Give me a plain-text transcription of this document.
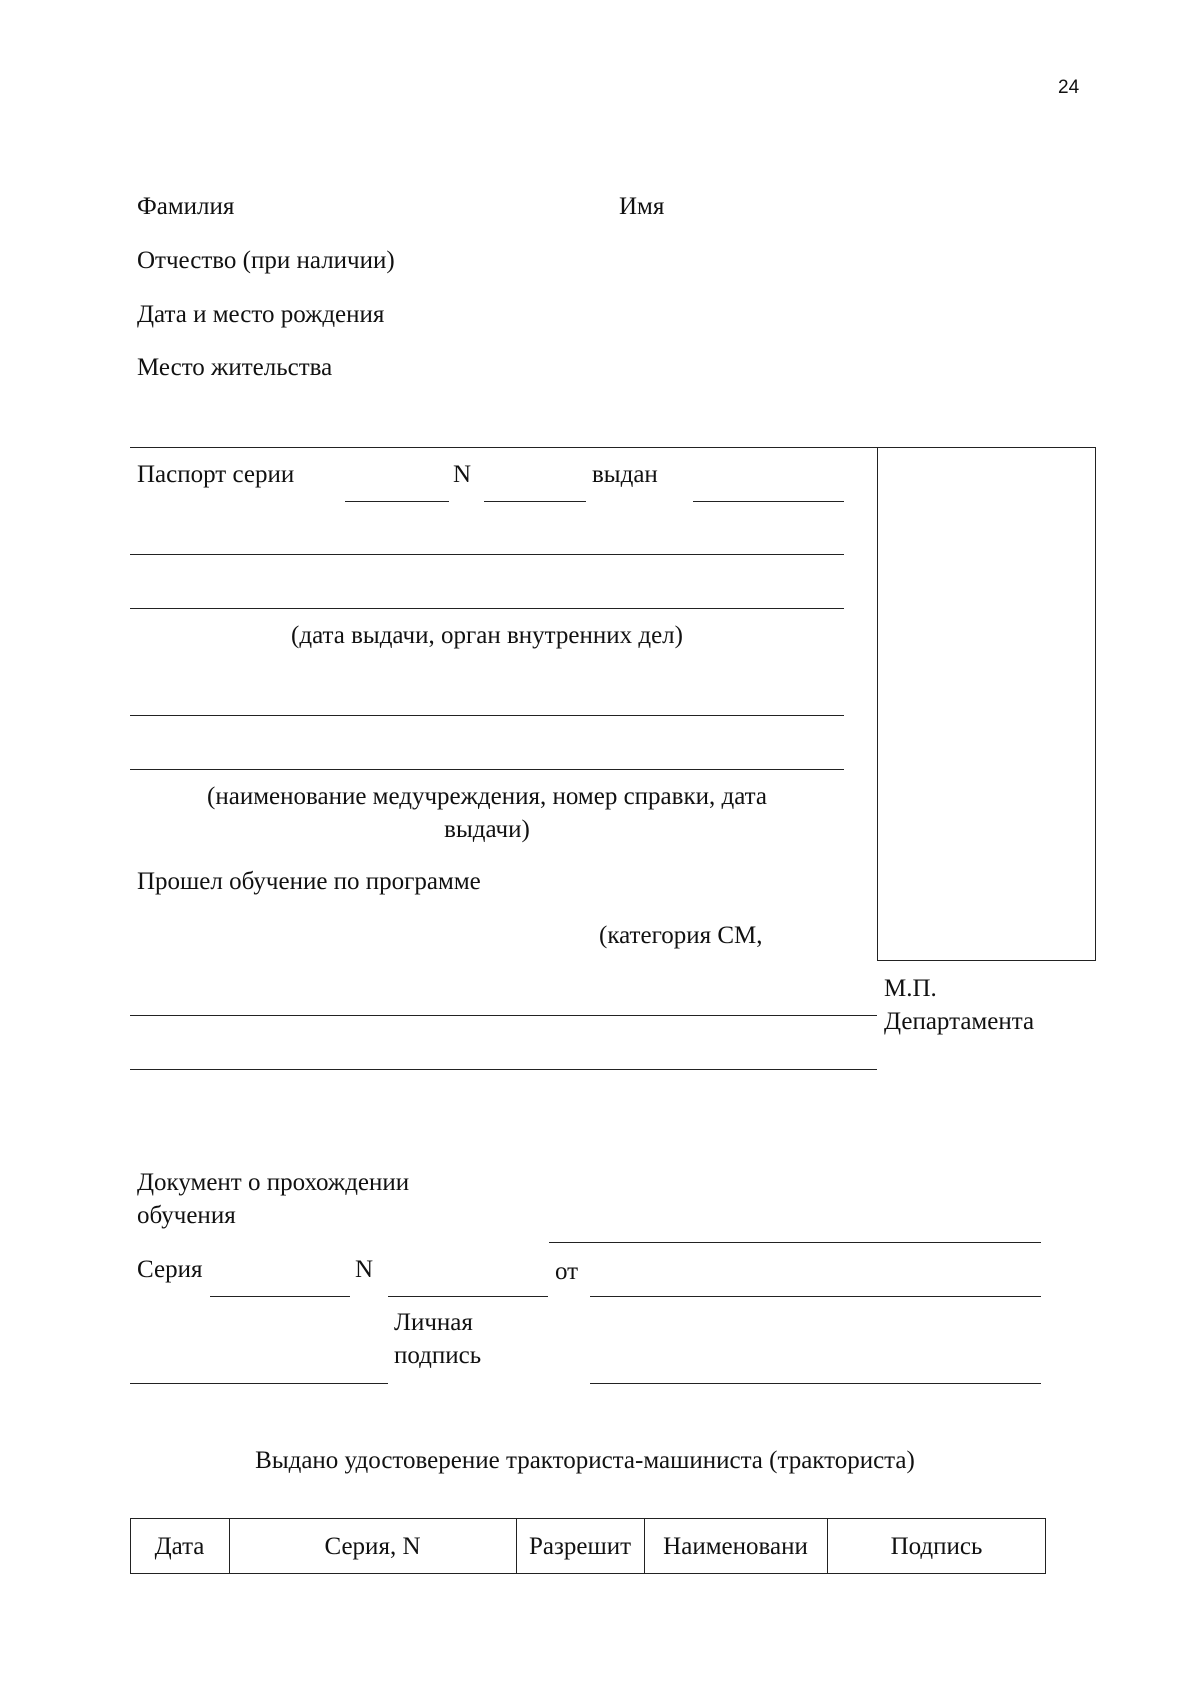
24
Фамилия	Имя
Отчество (при наличии)
Дата и место рождения
Место жительства
Паспорт серии	N	выдан
(дата выдачи, орган внутренних дел)
(наименование медучреждения, номер справки, дата
выдачи)
Прошел обучение по программе
(категория СМ,
М.П.
Департамента
Документ о прохождении
обучения
Серия	N	от
Личная
подпись
Выдано удостоверение тракториста-машиниста (тракториста)
Дата	Серия, N	Разрешит	Наименовани	Подпись
